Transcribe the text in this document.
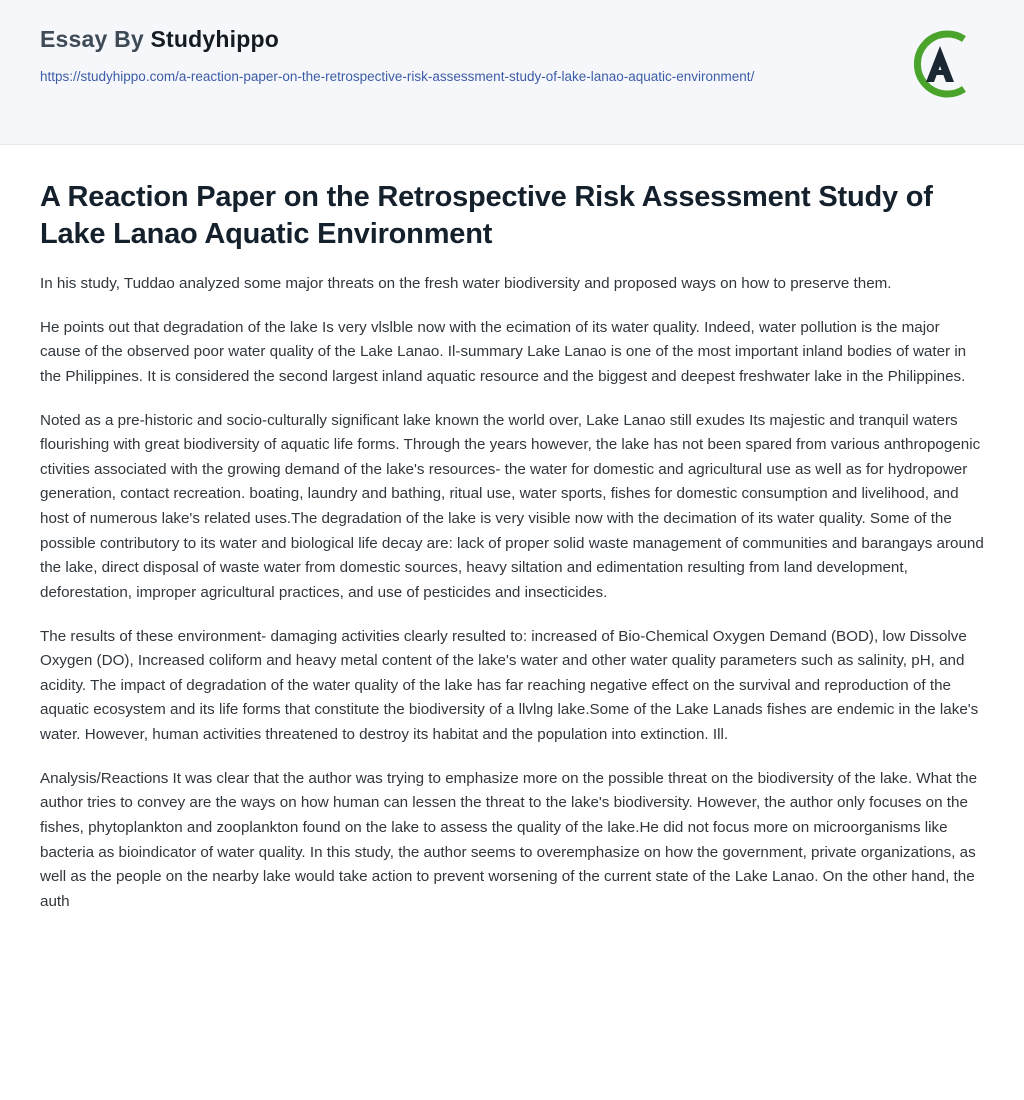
Essay By Studyhippo
https://studyhippo.com/a-reaction-paper-on-the-retrospective-risk-assessment-study-of-lake-lanao-aquatic-environment/
A Reaction Paper on the Retrospective Risk Assessment Study of Lake Lanao Aquatic Environment

In his study, Tuddao analyzed some major threats on the fresh water biodiversity and proposed ways on how to preserve them.

He points out that degradation of the lake Is very vlslble now with the ecimation of its water quality. Indeed, water pollution is the major cause of the observed poor water quality of the Lake Lanao. Il-summary Lake Lanao is one of the most important inland bodies of water in the Philippines. It is considered the second largest inland aquatic resource and the biggest and deepest freshwater lake in the Philippines.

Noted as a pre-historic and socio-culturally significant lake known the world over, Lake Lanao still exudes Its majestic and tranquil waters flourishing with great biodiversity of aquatic life forms. Through the years however, the lake has not been spared from various anthropogenic ctivities associated with the growing demand of the lake's resources- the water for domestic and agricultural use as well as for hydropower generation, contact recreation. boating, laundry and bathing, ritual use, water sports, fishes for domestic consumption and livelihood, and host of numerous lake's related uses.The degradation of the lake is very visible now with the decimation of its water quality. Some of the possible contributory to its water and biological life decay are: lack of proper solid waste management of communities and barangays around the lake, direct disposal of waste water from domestic sources, heavy siltation and edimentation resulting from land development, deforestation, improper agricultural practices, and use of pesticides and insecticides.

The results of these environment- damaging activities clearly resulted to: increased of Bio-Chemical Oxygen Demand (BOD), low Dissolve Oxygen (DO), Increased coliform and heavy metal content of the lake's water and other water quality parameters such as salinity, pH, and acidity. The impact of degradation of the water quality of the lake has far reaching negative effect on the survival and reproduction of the aquatic ecosystem and its life forms that constitute the biodiversity of a llvlng lake.Some of the Lake Lanads fishes are endemic in the lake's water. However, human activities threatened to destroy its habitat and the population into extinction. Ill.

Analysis/Reactions It was clear that the author was trying to emphasize more on the possible threat on the biodiversity of the lake. What the author tries to convey are the ways on how human can lessen the threat to the lake's biodiversity. However, the author only focuses on the fishes, phytoplankton and zooplankton found on the lake to assess the quality of the lake.He did not focus more on microorganisms like bacteria as bioindicator of water quality. In this study, the author seems to overemphasize on how the government, private organizations, as well as the people on the nearby lake would take action to prevent worsening of the current state of the Lake Lanao. On the other hand, the auth
